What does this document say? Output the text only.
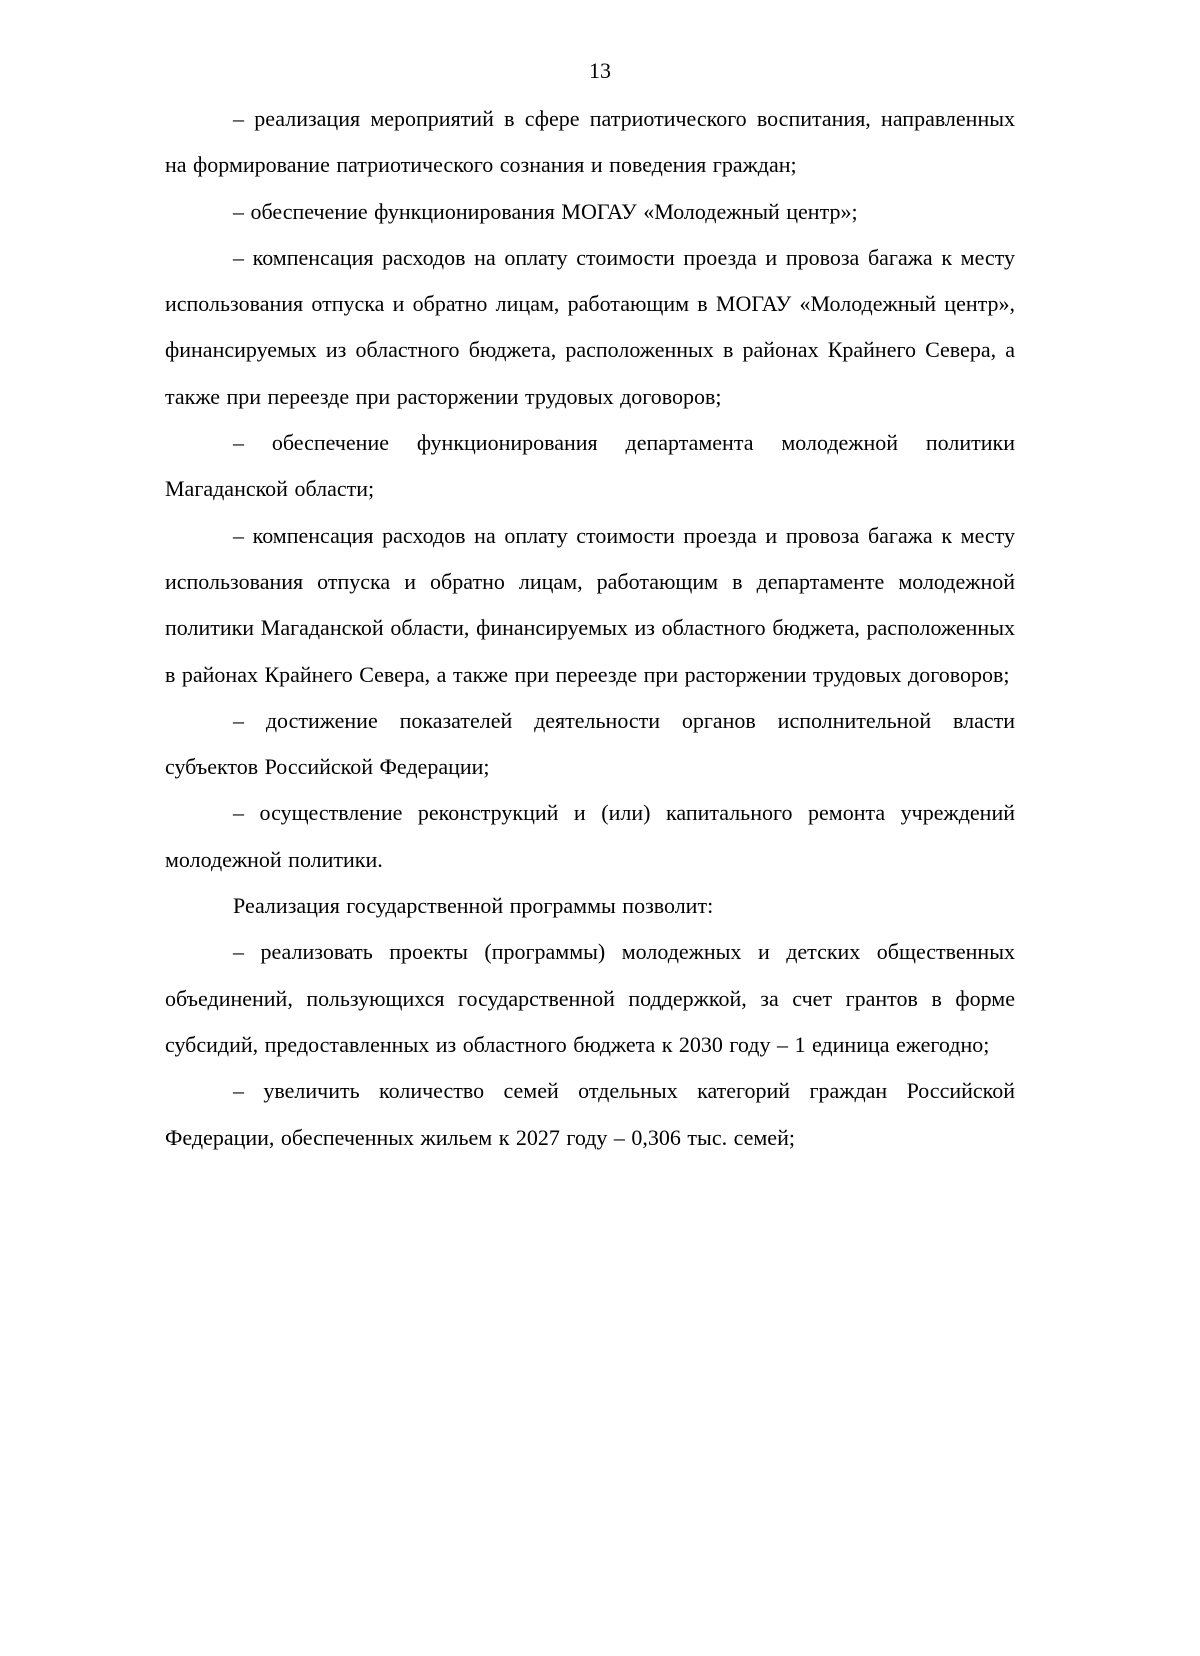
13

– реализация мероприятий в сфере патриотического воспитания, направленных на формирование патриотического сознания и поведения граждан;

– обеспечение функционирования МОГАУ «Молодежный центр»;

– компенсация расходов на оплату стоимости проезда и провоза багажа к месту использования отпуска и обратно лицам, работающим в МОГАУ «Молодежный центр», финансируемых из областного бюджета, расположенных в районах Крайнего Севера, а также при переезде при расторжении трудовых договоров;

– обеспечение функционирования департамента молодежной политики Магаданской области;

– компенсация расходов на оплату стоимости проезда и провоза багажа к месту использования отпуска и обратно лицам, работающим в департаменте молодежной политики Магаданской области, финансируемых из областного бюджета, расположенных в районах Крайнего Севера, а также при переезде при расторжении трудовых договоров;

– достижение показателей деятельности органов исполнительной власти субъектов Российской Федерации;

– осуществление реконструкций и (или) капитального ремонта учреждений молодежной политики.

Реализация государственной программы позволит:

– реализовать проекты (программы) молодежных и детских общественных объединений, пользующихся государственной поддержкой, за счет грантов в форме субсидий, предоставленных из областного бюджета к 2030 году – 1 единица ежегодно;

– увеличить количество семей отдельных категорий граждан Российской Федерации, обеспеченных жильем к 2027 году – 0,306 тыс. семей;
